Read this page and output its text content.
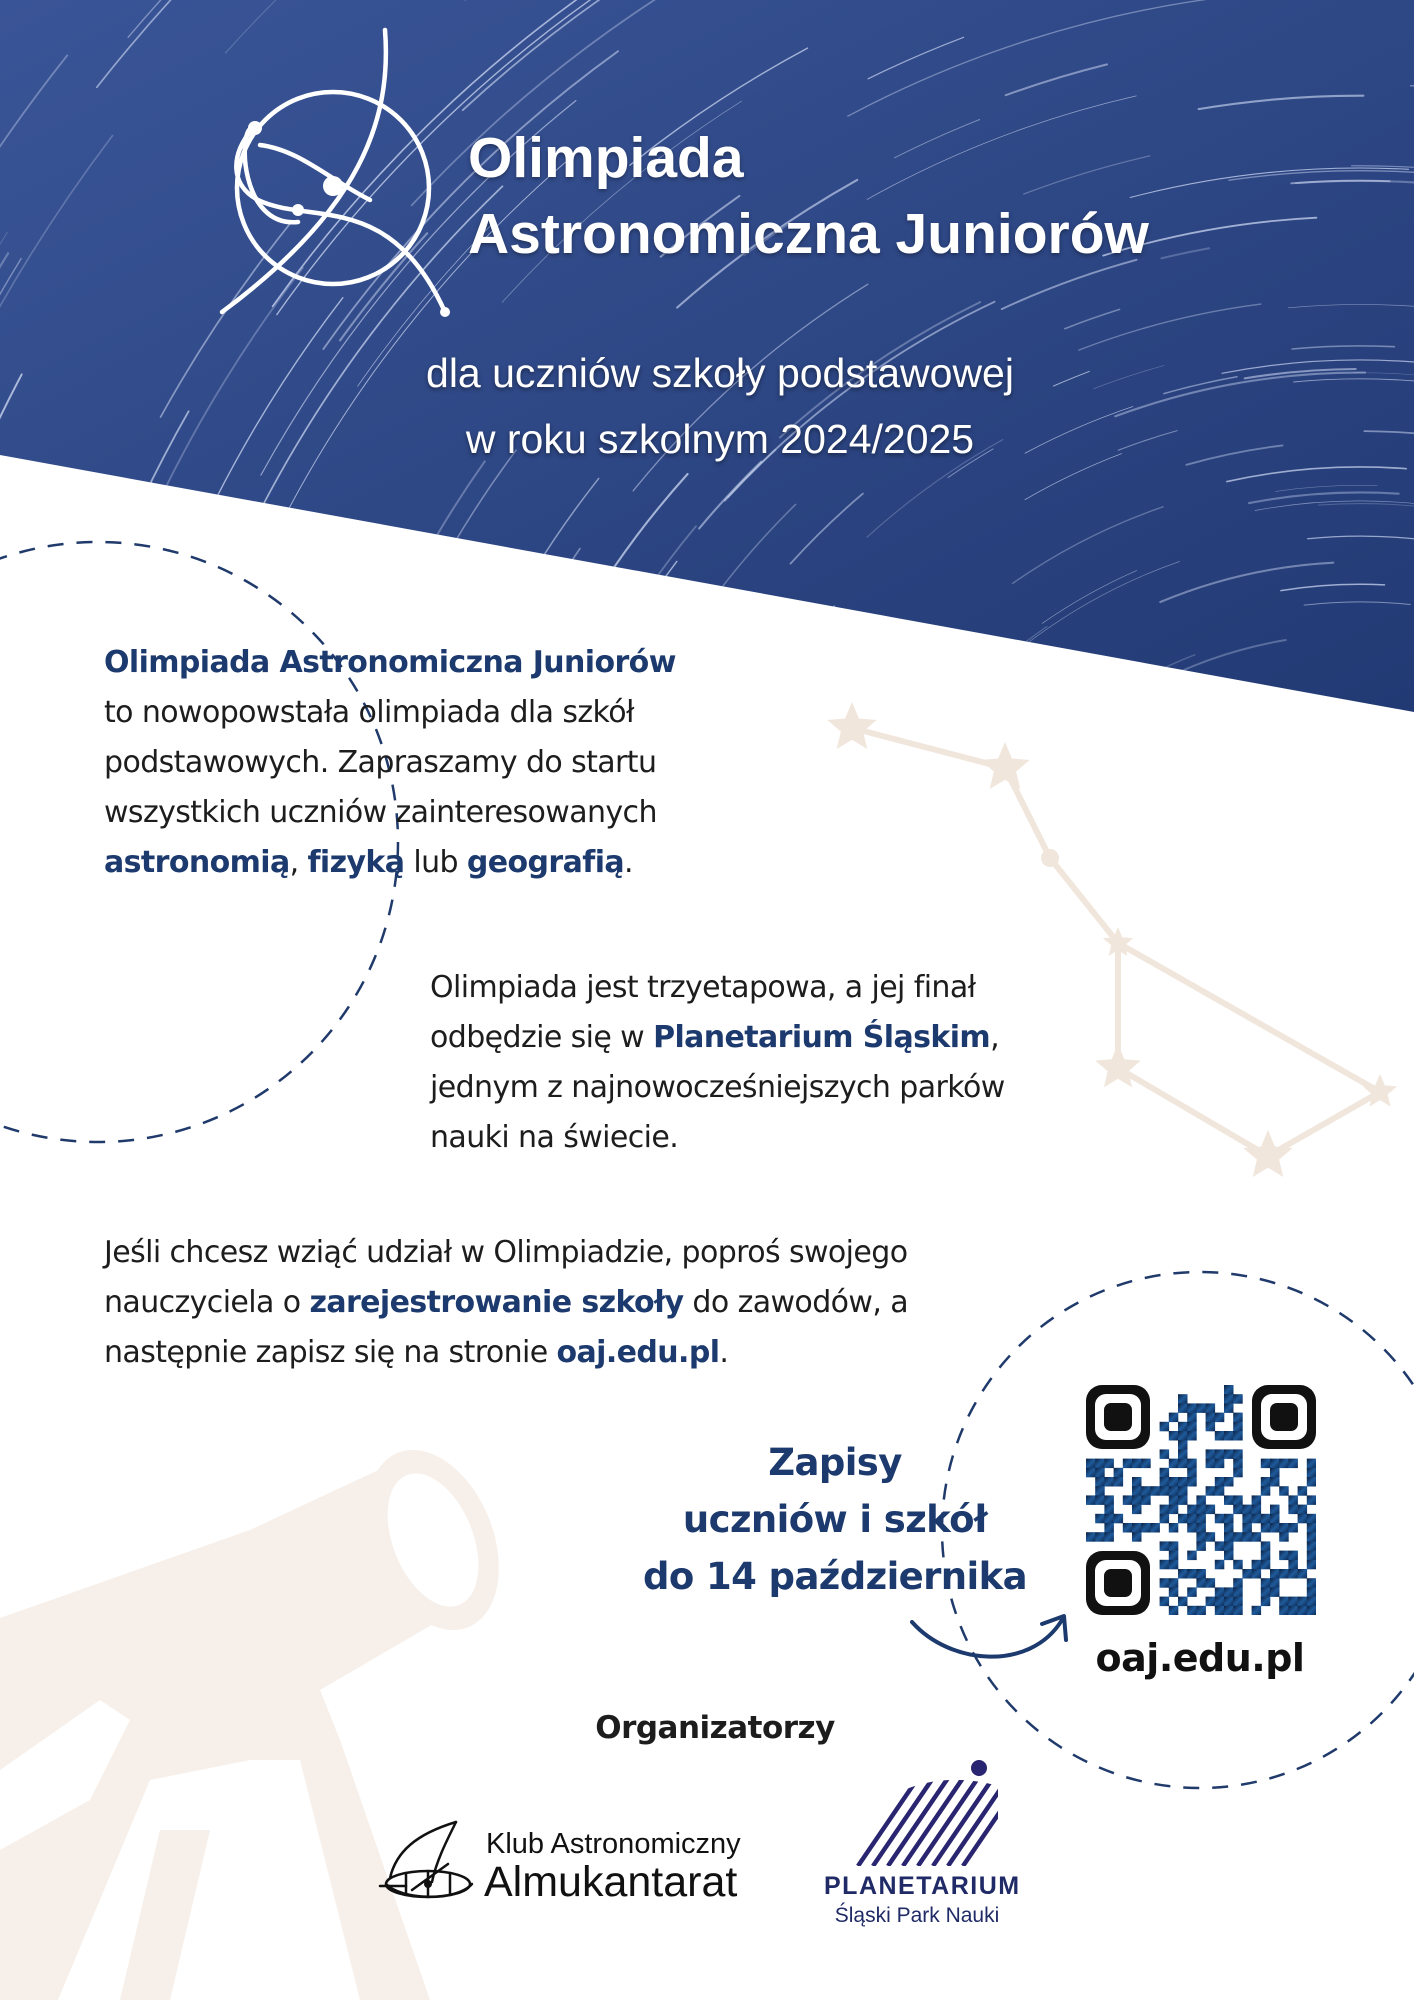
Olimpiada
Astronomiczna Juniorów
dla uczniów szkoły podstawowej
w roku szkolnym 2024/2025
Olimpiada Astronomiczna Juniorów
to nowopowstała olimpiada dla szkół podstawowych. Zapraszamy do startu wszystkich uczniów zainteresowanych
astronomią, fizyką lub geografią.
Olimpiada jest trzyetapowa, a jej finał odbędzie się w Planetarium Śląskim, jednym z najnowocześniejszych parków nauki na świecie.
Jeśli chcesz wziąć udział w Olimpiadzie, poproś swojego nauczyciela o zarejestrowanie szkoły do zawodów, a następnie zapisz się na stronie oaj.edu.pl.
Zapisy
uczniów i szkół
do 14 października
oaj.edu.pl
Organizatorzy
Klub Astronomiczny
Almukantarat	PLANETARIUM
Śląski Park Nauki
